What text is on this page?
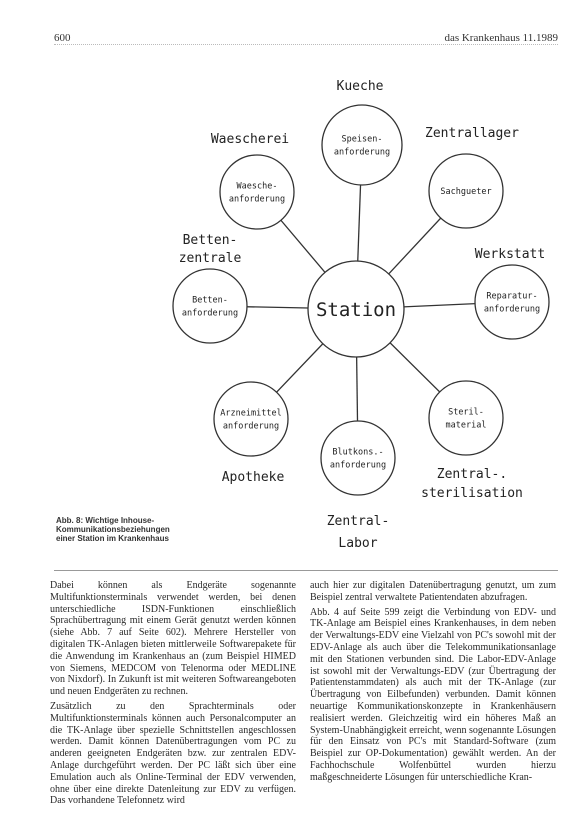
600	das Krankenhaus 11.1989
Station
Speisen-
anforderung
Sachgueter
Reparatur-
anforderung
Steril-
material
Blutkons.-
anforderung
Arzneimittel
anforderung
Betten-
anforderung
Waesche-
anforderung
Kueche
Zentrallager
Werkstatt
Zentral-.
sterilisation
Zentral-
Labor
Apotheke
Betten-
zentrale
Waescherei
Abb. 8: Wichtige Inhouse-Kommunikationsbeziehungen einer Station im Krankenhaus

Dabei können als Endgeräte sogenannte Multifunktionsterminals verwendet werden, bei denen unterschiedliche ISDN-Funktionen einschließlich Sprachübertragung mit einem Gerät genutzt werden können (siehe Abb. 7 auf Seite 602). Mehrere Hersteller von digitalen TK-Anlagen bieten mittlerweile Softwarepakete für die Anwendung im Krankenhaus an (zum Beispiel HIMED von Siemens, MEDCOM von Telenorma oder MEDLINE von Nixdorf). In Zukunft ist mit weiteren Softwareangeboten und neuen Endgeräten zu rechnen.

Zusätzlich zu den Sprachterminals oder Multifunktionsterminals können auch Personalcomputer an die TK-Anlage über spezielle Schnittstellen angeschlossen werden. Damit können Datenübertragungen vom PC zu anderen geeigneten Endgeräten bzw. zur zentralen EDV-Anlage durchgeführt werden. Der PC läßt sich über eine Emulation auch als Online-Terminal der EDV verwenden, ohne über eine direkte Datenleitung zur EDV zu verfügen. Das vorhandene Telefonnetz wird

auch hier zur digitalen Datenübertragung genutzt, um zum Beispiel zentral verwaltete Patientendaten abzufragen.

Abb. 4 auf Seite 599 zeigt die Verbindung von EDV- und TK-Anlage am Beispiel eines Krankenhauses, in dem neben der Verwaltungs-EDV eine Vielzahl von PC's sowohl mit der EDV-Anlage als auch über die Telekommunikationsanlage mit den Stationen verbunden sind. Die Labor-EDV-Anlage ist sowohl mit der Verwaltungs-EDV (zur Übertragung der Patientenstammdaten) als auch mit der TK-Anlage (zur Übertragung von Eilbefunden) verbunden. Damit können neuartige Kommunikationskonzepte in Krankenhäusern realisiert werden. Gleichzeitig wird ein höheres Maß an System-Unabhängigkeit erreicht, wenn sogenannte Lösungen für den Einsatz von PC's mit Standard-Software (zum Beispiel zur OP-Dokumentation) gewählt werden. An der Fachhochschule Wolfenbüttel wurden hierzu maßgeschneiderte Lösungen für unterschiedliche Kran-
